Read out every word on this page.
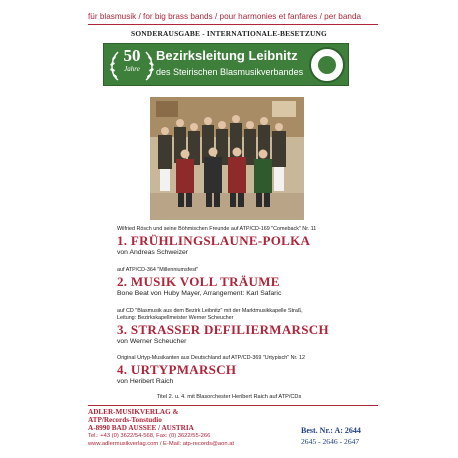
für blasmusik / for big brass bands / pour harmonies et fanfares / per banda
SONDERAUSGABE - INTERNATIONALE-BESETZUNG
50
Jahre
Bezirksleitung Leibnitz
des Steirischen Blasmusikverbandes
Wilfried Rösch und seine Böhmischen Freunde auf ATP/CD-169 "Comeback" Nr. 11
1. FRÜHLINGSLAUNE-POLKA
von Andreas Schweizer
auf ATP/CD-364 "Millenniumsfest"
2. MUSIK VOLL TRÄUME
Bone Beat von Huby Mayer, Arrangement: Karl Safaric
auf CD "Blasmusik aus dem Bezirk Leibnitz" mit der Marktmusikkapelle Straß,
Leitung: Bezirkskapellmeister Werner Scheucher
3. STRASSER DEFILIERMARSCH
von Werner Scheucher
Original Urtyp-Musikanten aus Deutschland auf ATP/CD-369 "Urtypisch" Nr. 12
4. URTYPMARSCH
von Heribert Raich
Titel 2. u. 4. mit Blasorchester Heribert Raich auf ATP/CDs
ADLER-MUSIKVERLAG &
ATP/Records-Tonstudio
A-8990 BAD AUSSEE / AUSTRIA
Tel.: +43 (0) 3622/54-568, Fax: (0) 3622/55-266
www.adlermusikverlag.com / E-Mail: atp-records@aon.at
Best. Nr.: A: 2644
2645 - 2646 - 2647
